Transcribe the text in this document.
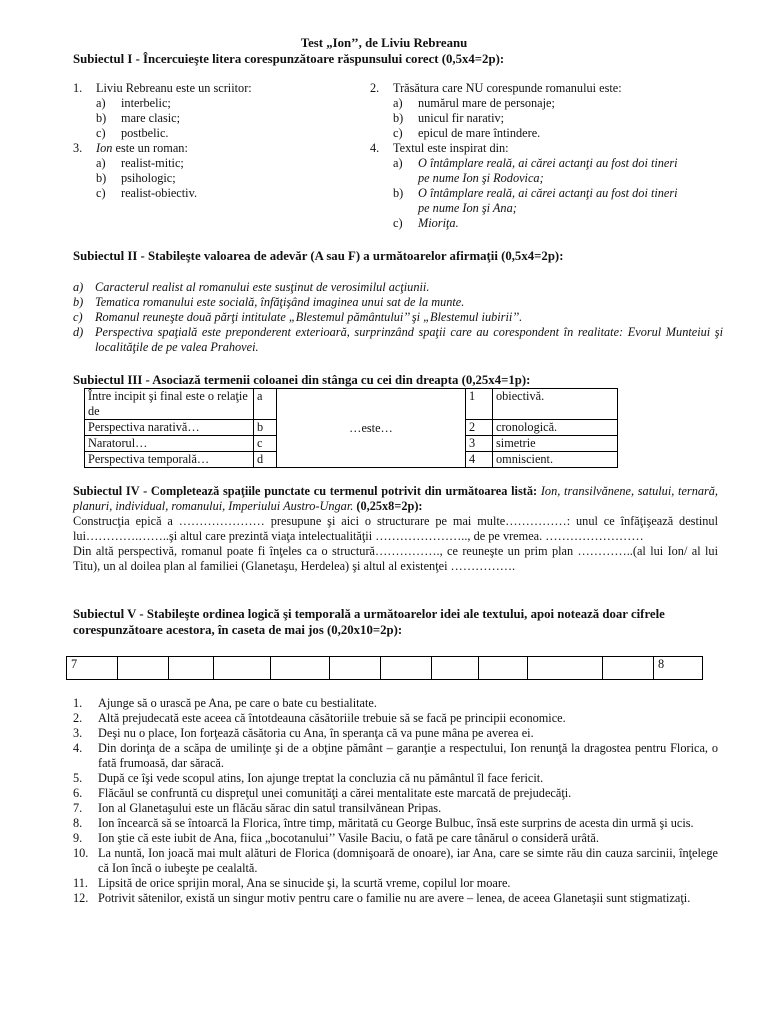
Test „Ion’’, de Liviu Rebreanu
Subiectul I - Încercuieşte litera corespunzătoare răspunsului corect (0,5x4=2p):
1. Liviu Rebreanu este un scriitor:
a) interbelic;
b) mare clasic;
c) postbelic.
3. Ion este un roman:
a) realist-mitic;
b) psihologic;
c) realist-obiectiv.
2. Trăsătura care NU corespunde romanului este:
a) numărul mare de personaje;
b) unicul fir narativ;
c) epicul de mare întindere.
4. Textul este inspirat din:
a) O întâmplare reală, ai cărei actanţi au fost doi tineri pe nume Ion şi Rodovica;
b) O întâmplare reală, ai cărei actanţi au fost doi tineri pe nume Ion şi Ana;
c) Mioriţa.
Subiectul II - Stabileşte valoarea de adevăr (A sau F) a următoarelor afirmaţii (0,5x4=2p):
a) Caracterul realist al romanului este susţinut de verosimilul acţiunii.
b) Tematica romanului este socială, înfăţişând imaginea unui sat de la munte.
c) Romanul reuneşte două părţi intitulate „Blestemul pământului’’ şi „Blestemul iubirii’’.
d) Perspectiva spaţială este preponderent exterioară, surprinzând spaţii care au corespondent în realitate: Evorul Munteiui şi localităţile de pe valea Prahovei.
Subiectul III - Asociază termenii coloanei din stânga cu cei din dreapta (0,25x4=1p):
Între incipit şi final este o relaţie de	a	…este…	1	obiectivă.
Perspectiva narativă…	b		2	cronologică.
Naratorul…	c		3	simetrie
Perspectiva temporală…	d		4	omniscient.

Subiectul IV - Completează spaţiile punctate cu termenul potrivit din următoarea listă: Ion, transilvănene, satului, ternară, planuri, individual, romanului, Imperiului Austro-Ungar. (0,25x8=2p):

Construcţia epică a ………………… presupune şi aici o structurare pe mai multe……………: unul ce înfăţişează destinul lui………….……..şi altul care prezintă viaţa intelectualităţii ………………….., de pe vremea. ……………………

Din altă perspectivă, romanul poate fi înţeles ca o structură……………., ce reuneşte un prim plan …………..(al lui Ion/ al lui Titu), un al doilea plan al familiei (Glanetaşu, Herdelea) şi altul al existenţei …………….

Subiectul V - Stabileşte ordinea logică şi temporală a următoarelor idei ale textului, apoi notează doar cifrele corespunzătoare acestora, în caseta de mai jos (0,20x10=2p):
7											8
1. Ajunge să o urască pe Ana, pe care o bate cu bestialitate.
2. Altă prejudecată este aceea că întotdeauna căsătoriile trebuie să se facă pe principii economice.
3. Deşi nu o place, Ion forţează căsătoria cu Ana, în speranţa că va pune mâna pe averea ei.
4. Din dorinţa de a scăpa de umilinţe şi de a obţine pământ – garanţie a respectului, Ion renunţă la dragostea pentru Florica, o fată frumoasă, dar săracă.
5. După ce îşi vede scopul atins, Ion ajunge treptat la concluzia că nu pământul îl face fericit.
6. Flăcăul se confruntă cu dispreţul unei comunităţi a cărei mentalitate este marcată de prejudecăţi.
7. Ion al Glanetaşului este un flăcău sărac din satul transilvănean Pripas.
8. Ion încearcă să se întoarcă la Florica, între timp, măritată cu George Bulbuc, însă este surprins de acesta din urmă şi ucis.
9. Ion ştie că este iubit de Ana, fiica „bocotanului’’ Vasile Baciu, o fată pe care tânărul o consideră urâtă.
10. La nuntă, Ion joacă mai mult alături de Florica (domnişoară de onoare), iar Ana, care se simte rău din cauza sarcinii, înţelege că Ion încă o iubeşte pe cealaltă.
11. Lipsită de orice sprijin moral, Ana se sinucide şi, la scurtă vreme, copilul lor moare.
12. Potrivit sătenilor, există un singur motiv pentru care o familie nu are avere – lenea, de aceea Glanetaşii sunt stigmatizaţi.
